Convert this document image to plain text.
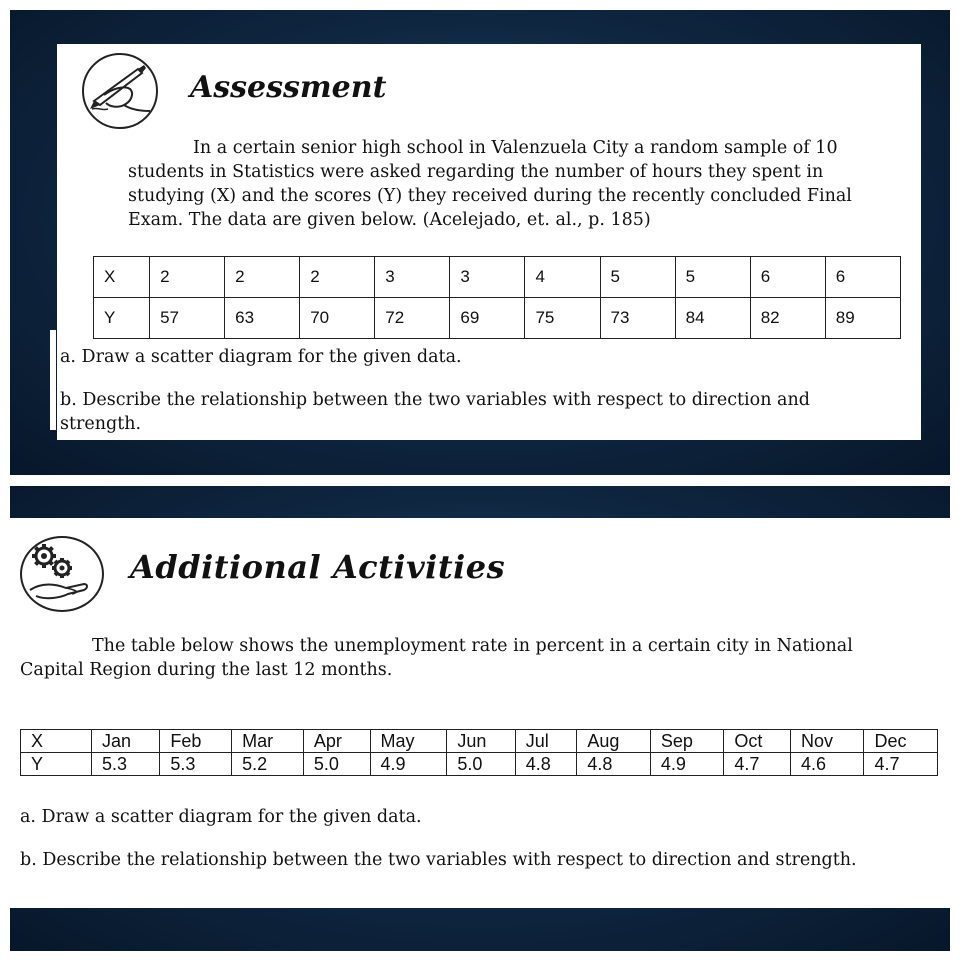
Assessment
In a certain senior high school in Valenzuela City a random sample of 10 students in Statistics were asked regarding the number of hours they spent in studying (X) and the scores (Y) they received during the recently concluded Final Exam. The data are given below. (Acelejado, et. al., p. 185)
X	2	2	2	3	3	4	5	5	6	6
Y	57	63	70	72	69	75	73	84	82	89
a. Draw a scatter diagram for the given data.
b. Describe the relationship between the two variables with respect to direction and strength.
Additional Activities
The table below shows the unemployment rate in percent in a certain city in National Capital Region during the last 12 months.
X	Jan	Feb	Mar	Apr	May	Jun	Jul	Aug	Sep	Oct	Nov	Dec
Y	5.3	5.3	5.2	5.0	4.9	5.0	4.8	4.8	4.9	4.7	4.6	4.7
a. Draw a scatter diagram for the given data.
b. Describe the relationship between the two variables with respect to direction and strength.
